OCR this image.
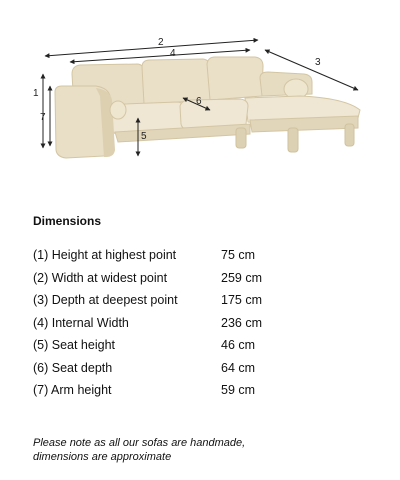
2
4
3
1
7
5
6
Dimensions
(1) Height at highest point	75 cm
(2) Width at widest point	259 cm
(3) Depth at deepest point	175 cm
(4) Internal Width	236 cm
(5) Seat height	46 cm
(6) Seat depth	64 cm
(7) Arm height	59 cm

Please note as all our sofas are handmade,
dimensions are approximate
